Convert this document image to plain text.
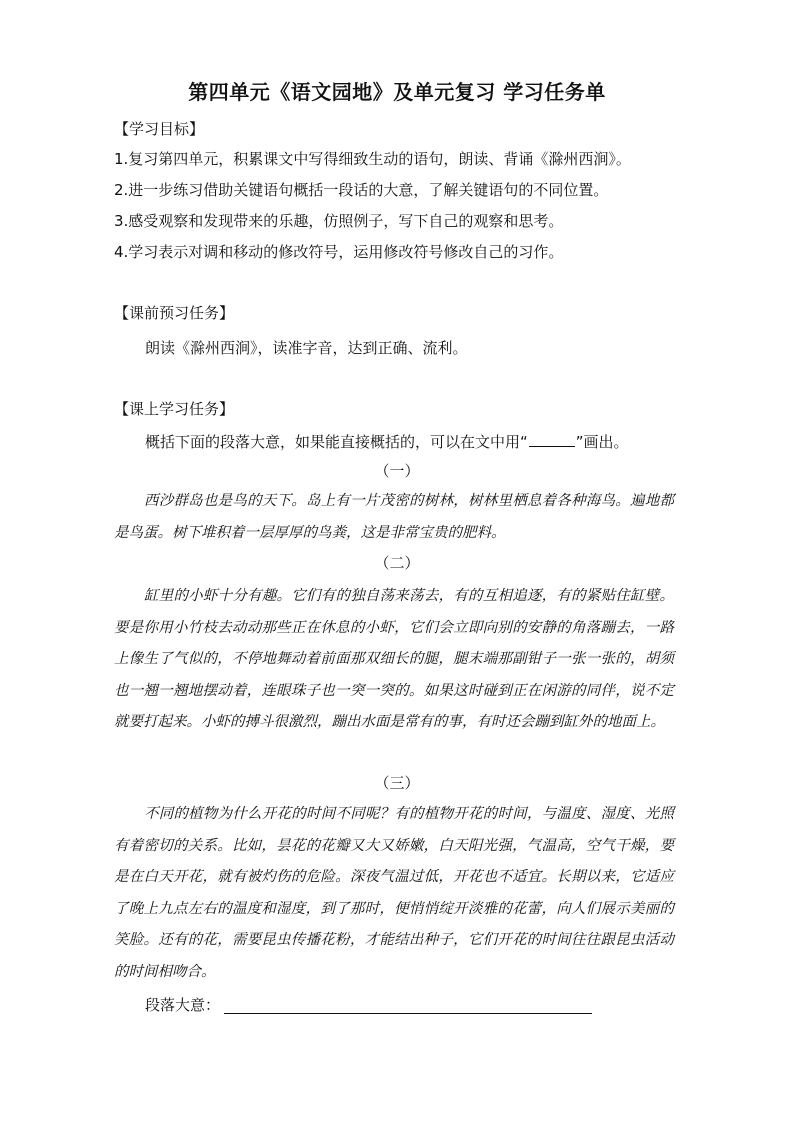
第四单元《语文园地》及单元复习 学习任务单
【学习目标】
1.复习第四单元，积累课文中写得细致生动的语句，朗读、背诵《滁州西涧》。
2.进一步练习借助关键语句概括一段话的大意，了解关键语句的不同位置。
3.感受观察和发现带来的乐趣，仿照例子，写下自己的观察和思考。
4.学习表示对调和移动的修改符号，运用修改符号修改自己的习作。
【课前预习任务】
朗读《滁州西涧》，读准字音，达到正确、流利。
【课上学习任务】
概括下面的段落大意，如果能直接概括的，可以在文中用“	”画出。
（一）
西沙群岛也是鸟的天下。岛上有一片茂密的树林，树林里栖息着各种海鸟。遍地都是鸟蛋。树下堆积着一层厚厚的鸟粪，这是非常宝贵的肥料。
（二）
缸里的小虾十分有趣。它们有的独自荡来荡去，有的互相追逐，有的紧贴住缸壁。要是你用小竹枝去动动那些正在休息的小虾，它们会立即向别的安静的角落蹦去，一路上像生了气似的，不停地舞动着前面那双细长的腿，腿末端那副钳子一张一张的，胡须也一翘一翘地摆动着，连眼珠子也一突一突的。如果这时碰到正在闲游的同伴，说不定就要打起来。小虾的搏斗很激烈，蹦出水面是常有的事，有时还会蹦到缸外的地面上。
（三）
不同的植物为什么开花的时间不同呢？有的植物开花的时间，与温度、湿度、光照有着密切的关系。比如，昙花的花瓣又大又娇嫩，白天阳光强，气温高，空气干燥，要是在白天开花，就有被灼伤的危险。深夜气温过低，开花也不适宜。长期以来，它适应了晚上九点左右的温度和湿度，到了那时，便悄悄绽开淡雅的花蕾，向人们展示美丽的笑脸。还有的花，需要昆虫传播花粉，才能结出种子，它们开花的时间往往跟昆虫活动的时间相吻合。
段落大意：
